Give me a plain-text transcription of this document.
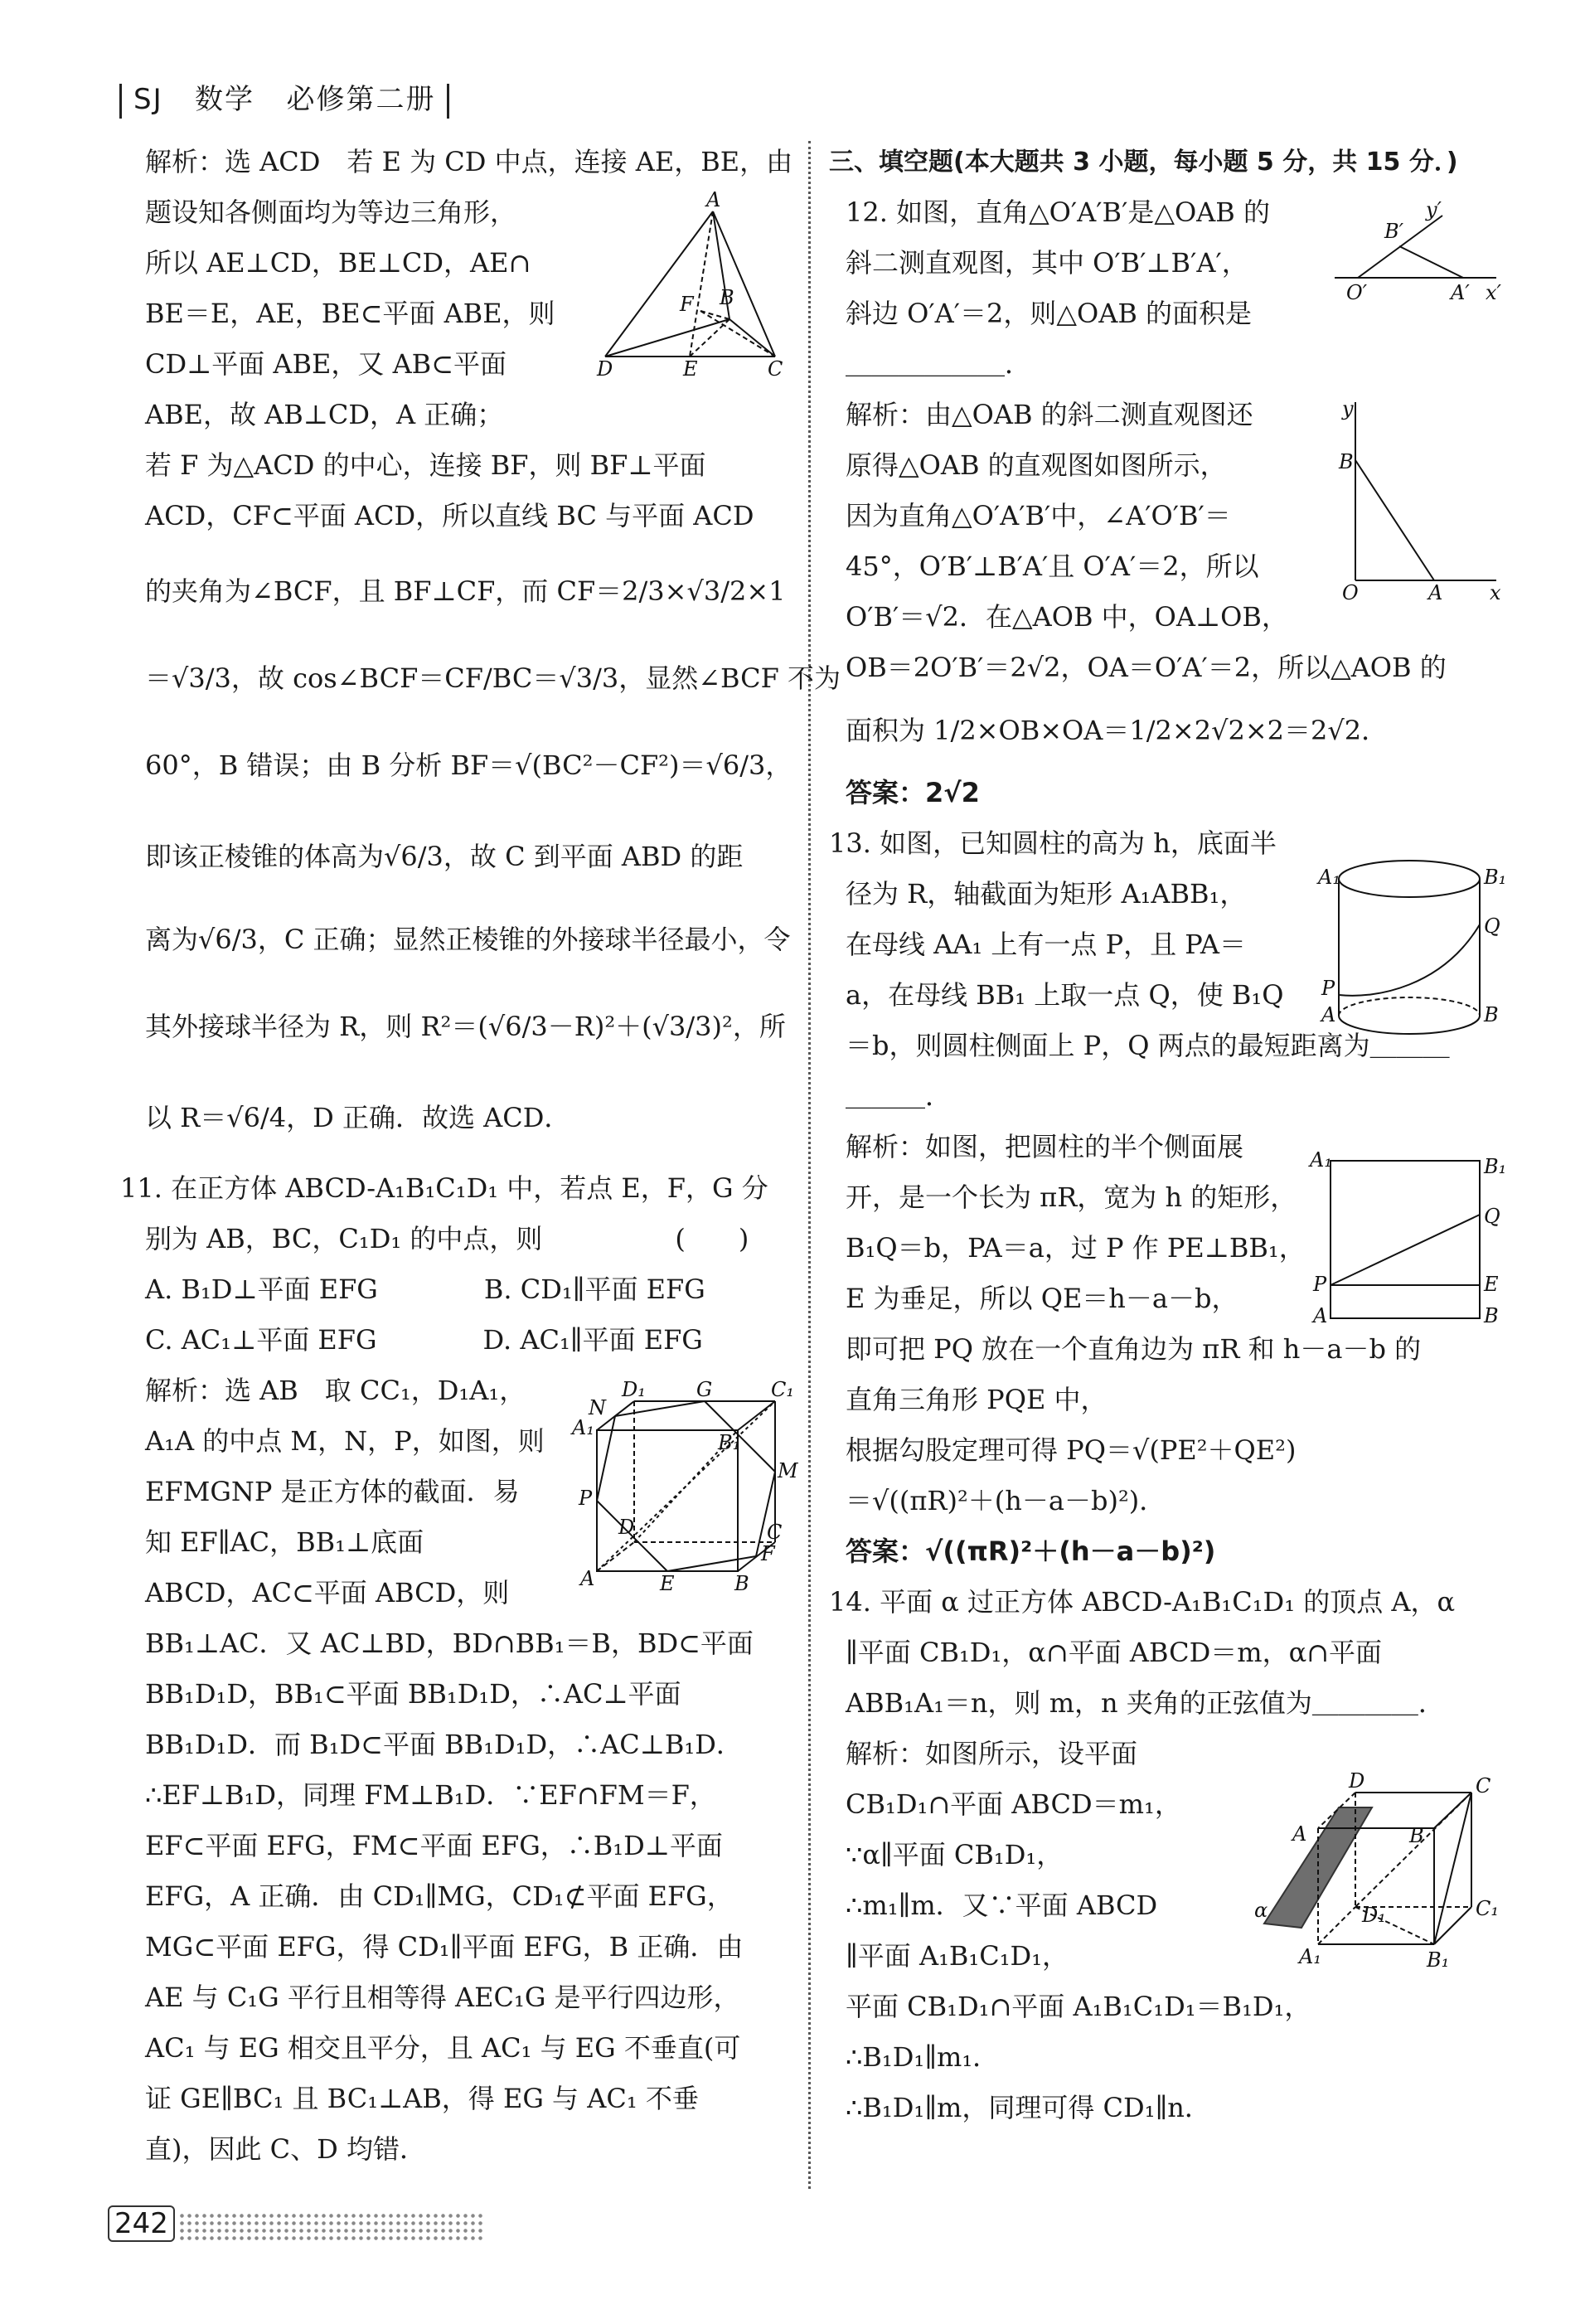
SJ 数学 必修第二册
解析：选 ACD　若 E 为 CD 中点，连接 AE，BE，由
题设知各侧面均为等边三角形，
所以 AE⊥CD，BE⊥CD，AE∩
BE＝E，AE，BE⊂平面 ABE，则
CD⊥平面 ABE，又 AB⊂平面
ABE，故 AB⊥CD，A 正确；
若 F 为△ACD 的中心，连接 BF，则 BF⊥平面
ACD，CF⊂平面 ACD，所以直线 BC 与平面 ACD
的夹角为∠BCF，且 BF⊥CF，而 CF＝2/3×√3/2×1
＝√3/3，故 cos∠BCF＝CF/BC＝√3/3，显然∠BCF 不为
60°，B 错误；由 B 分析 BF＝√(BC²－CF²)＝√6/3，
即该正棱锥的体高为√6/3，故 C 到平面 ABD 的距
离为√6/3，C 正确；显然正棱锥的外接球半径最小，令
其外接球半径为 R，则 R²＝(√6/3－R)²＋(√3/3)²，所
以 R＝√6/4，D 正确．故选 ACD．
11. 在正方体 ABCD-A₁B₁C₁D₁ 中，若点 E，F，G 分
别为 AB，BC，C₁D₁ 的中点，则　　　　　(　　)
A. B₁D⊥平面 EFG　　　　B. CD₁∥平面 EFG
C. AC₁⊥平面 EFG　　　　D. AC₁∥平面 EFG
解析：选 AB　取 CC₁，D₁A₁，
A₁A 的中点 M，N，P，如图，则
EFMGNP 是正方体的截面．易
知 EF∥AC，BB₁⊥底面
ABCD，AC⊂平面 ABCD，则
BB₁⊥AC．又 AC⊥BD，BD∩BB₁＝B，BD⊂平面
BB₁D₁D，BB₁⊂平面 BB₁D₁D，∴AC⊥平面
BB₁D₁D．而 B₁D⊂平面 BB₁D₁D，∴AC⊥B₁D．
∴EF⊥B₁D，同理 FM⊥B₁D．∵EF∩FM＝F，
EF⊂平面 EFG，FM⊂平面 EFG，∴B₁D⊥平面
EFG，A 正确．由 CD₁∥MG，CD₁⊄平面 EFG，
MG⊂平面 EFG，得 CD₁∥平面 EFG，B 正确．由
AE 与 C₁G 平行且相等得 AEC₁G 是平行四边形，
AC₁ 与 EG 相交且平分，且 AC₁ 与 EG 不垂直(可
证 GE∥BC₁ 且 BC₁⊥AB，得 EG 与 AC₁ 不垂
直)，因此 C、D 均错．
A
F B
D	E	C
D₁	G	C₁
A₁
N
B₁
M
P
D	C
F
A	E	B
三、填空题(本大题共 3 小题，每小题 5 分，共 15 分．)
12. 如图，直角△O′A′B′是△OAB 的
斜二测直观图，其中 O′B′⊥B′A′，
斜边 O′A′＝2，则△OAB 的面积是
＿＿＿＿＿＿．
解析：由△OAB 的斜二测直观图还
原得△OAB 的直观图如图所示，
因为直角△O′A′B′中，∠A′O′B′＝
45°，O′B′⊥B′A′且 O′A′＝2，所以
O′B′＝√2．在△AOB 中，OA⊥OB，
OB＝2O′B′＝2√2，OA＝O′A′＝2，所以△AOB 的
面积为 1/2×OB×OA＝1/2×2√2×2＝2√2．
答案：2√2
13. 如图，已知圆柱的高为 h，底面半
径为 R，轴截面为矩形 A₁ABB₁，
在母线 AA₁ 上有一点 P，且 PA＝
a，在母线 BB₁ 上取一点 Q，使 B₁Q
＝b，则圆柱侧面上 P，Q 两点的最短距离为＿＿＿
＿＿＿．
解析：如图，把圆柱的半个侧面展
开，是一个长为 πR，宽为 h 的矩形，
B₁Q＝b，PA＝a，过 P 作 PE⊥BB₁，
E 为垂足，所以 QE＝h－a－b，
即可把 PQ 放在一个直角边为 πR 和 h－a－b 的
直角三角形 PQE 中，
根据勾股定理可得 PQ＝√(PE²＋QE²)
＝√((πR)²＋(h－a－b)²)．
答案：√((πR)²＋(h－a－b)²)
14. 平面 α 过正方体 ABCD-A₁B₁C₁D₁ 的顶点 A，α
∥平面 CB₁D₁，α∩平面 ABCD＝m，α∩平面
ABB₁A₁＝n，则 m，n 夹角的正弦值为＿＿＿＿．
解析：如图所示，设平面
CB₁D₁∩平面 ABCD＝m₁，
∵α∥平面 CB₁D₁，
∴m₁∥m．又∵平面 ABCD
∥平面 A₁B₁C₁D₁，
平面 CB₁D₁∩平面 A₁B₁C₁D₁＝B₁D₁，
∴B₁D₁∥m₁．
∴B₁D₁∥m，同理可得 CD₁∥n．
B′
y′
O′	A′ x′
y
B
O	A x
A₁	B₁
Q
P
A	B
A₁	B₁
Q
P	E
A	B
D	C
A	B
α	D₁	C₁
A₁	B₁
242
